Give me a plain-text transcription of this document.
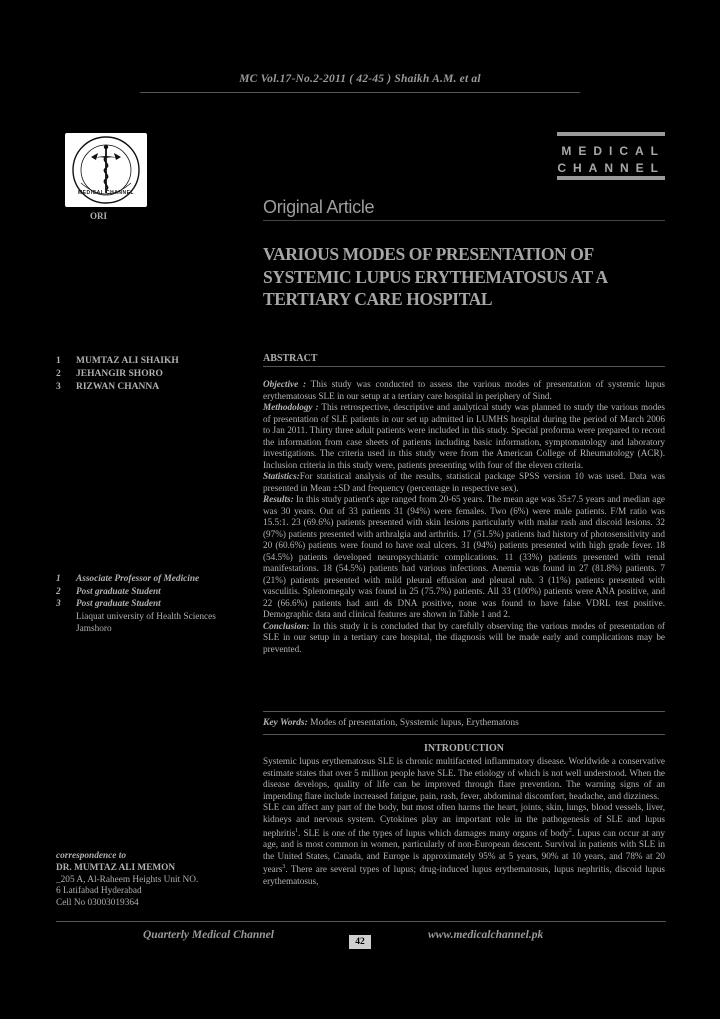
MC Vol.17-No.2-2011 ( 42-45 ) Shaikh A.M. et al
MEDICAL CHANNEL
ORI
MEDICAL
CHANNEL
Original Article
VARIOUS MODES OF PRESENTATION OF SYSTEMIC LUPUS ERYTHEMATOSUS AT A TERTIARY CARE HOSPITAL
1 MUMTAZ ALI SHAIKH
2 JEHANGIR SHORO
3 RIZWAN CHANNA
1 Associate Professor of Medicine
2 Post graduate Student
3 Post graduate Student
Liaquat university of Health Sciences
Jamshoro
correspondence to
DR. MUMTAZ ALI MEMON
_205 A, Al-Raheem Heights Unit NO.
6 Latifabad Hyderabad
Cell No 03003019364
ABSTRACT

Objective : This study was conducted to assess the various modes of presentation of systemic lupus erythematosus SLE in our setup at a tertiary care hospital in periphery of Sind.

Methodology : This retrospective, descriptive and analytical study was planned to study the various modes of presentation of SLE patients in our set up admitted in LUMHS hospital during the period of March 2006 to Jan 2011. Thirty three adult patients were included in this study. Special proforma were prepared to record the information from case sheets of patients including basic information, symptomatology and laboratory investigations. The criteria used in this study were from the American College of Rheumatology (ACR). Inclusion criteria in this study were, patients presenting with four of the eleven criteria.

Statistics:For statistical analysis of the results, statistical package SPSS version 10 was used. Data was presented in Mean ±SD and frequency (percentage in respective sex).

Results: In this study patient's age ranged from 20-65 years. The mean age was 35±7.5 years and median age was 30 years. Out of 33 patients 31 (94%) were females. Two (6%) were male patients. F/M ratio was 15.5:1. 23 (69.6%) patients presented with skin lesions particularly with malar rash and discoid lesions. 32 (97%) patients presented with arthralgia and arthritis. 17 (51.5%) patients had history of photosensitivity and 20 (60.6%) patients were found to have oral ulcers. 31 (94%) patients presented with high grade fever. 18 (54.5%) patients developed neuropsychiatric complications. 11 (33%) patients presented with renal manifestations. 18 (54.5%) patients had various infections. Anemia was found in 27 (81.8%) patients. 7 (21%) patients presented with mild pleural effusion and pleural rub. 3 (11%) patients presented with vasculitis. Splenomegaly was found in 25 (75.7%) patients. All 33 (100%) patients were ANA positive, and 22 (66.6%) patients had anti ds DNA positive, none was found to have false VDRL test positive. Demographic data and clinical features are shown in Table 1 and 2.

Conclusion: In this study it is concluded that by carefully observing the various modes of presentation of SLE in our setup in a tertiary care hospital, the diagnosis will be made early and complications may be prevented.

Key Words: Modes of presentation, Sysstemic lupus, Erythematons
INTRODUCTION

Systemic lupus erythematosus SLE is chronic multifaceted inflammatory disease. Worldwide a conservative estimate states that over 5 million people have SLE. The etiology of which is not well understood. When the disease develops, quality of life can be improved through flare prevention. The warning signs of an impending flare include increased fatigue, pain, rash, fever, abdominal discomfort, headache, and dizziness.

SLE can affect any part of the body, but most often harms the heart, joints, skin, lungs, blood vessels, liver, kidneys and nervous system. Cytokines play an important role in the pathogenesis of SLE and lupus nephritis$^1$. SLE is one of the types of lupus which damages many organs of body$^2$. Lupus can occur at any age, and is most common in women, particularly of non-European descent. Survival in patients with SLE in the United States, Canada, and Europe is approximately 95% at 5 years, 90% at 10 years, and 78% at 20 years$^3$. There are several types of lupus; drug-induced lupus erythematosus, lupus nephritis, discoid lupus erythematosus,

Quarterly Medical Channel
42
www.medicalchannel.pk
